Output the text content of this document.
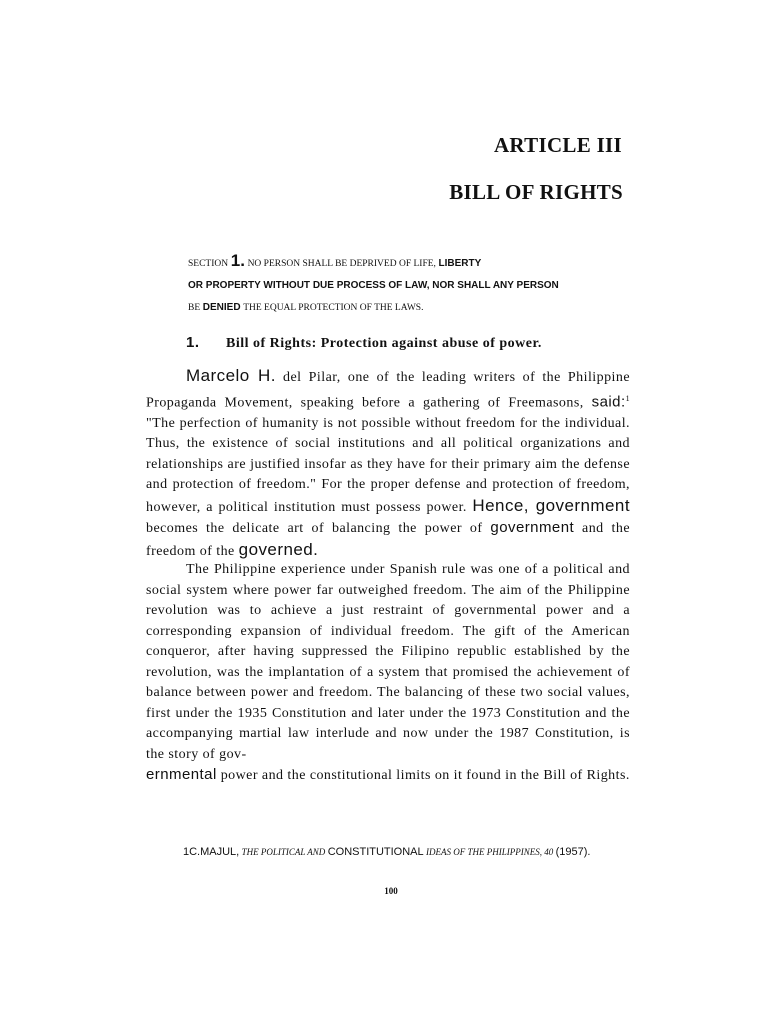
ARTICLE III
BILL OF RIGHTS
SECTION 1. NO PERSON SHALL BE DEPRIVED OF LIFE, LIBERTY
OR PROPERTY WITHOUT DUE PROCESS OF LAW, NOR SHALL ANY PERSON
BE DENIED THE EQUAL PROTECTION OF THE LAWS.
1. Bill of Rights: Protection against abuse of power.

Marcelo H. del Pilar, one of the leading writers of the Philippine Propaganda Movement, speaking before a gathering of Freemasons, said:$^1$ "The perfection of humanity is not possible without freedom for the individual. Thus, the existence of social institutions and all political organizations and relationships are justified insofar as they have for their primary aim the defense and protection of freedom." For the proper defense and protection of freedom, however, a political institution must possess power. Hence, government becomes the delicate art of balancing the power of government and the freedom of the governed.

The Philippine experience under Spanish rule was one of a political and social system where power far outweighed freedom. The aim of the Philippine revolution was to achieve a just restraint of governmental power and a corresponding expansion of individual freedom. The gift of the American conqueror, after having suppressed the Filipino republic established by the revolution, was the implantation of a system that promised the achievement of balance between power and freedom. The balancing of these two social values, first under the 1935 Constitution and later under the 1973 Constitution and the accompanying martial law interlude and now under the 1987 Constitution, is the story of gov-
ernmental power and the constitutional limits on it found in the Bill of Rights.

1C.MAJUL, THE POLITICAL AND CONSTITUTIONAL IDEAS OF THE PHILIPPINES, 40 (1957).
100
